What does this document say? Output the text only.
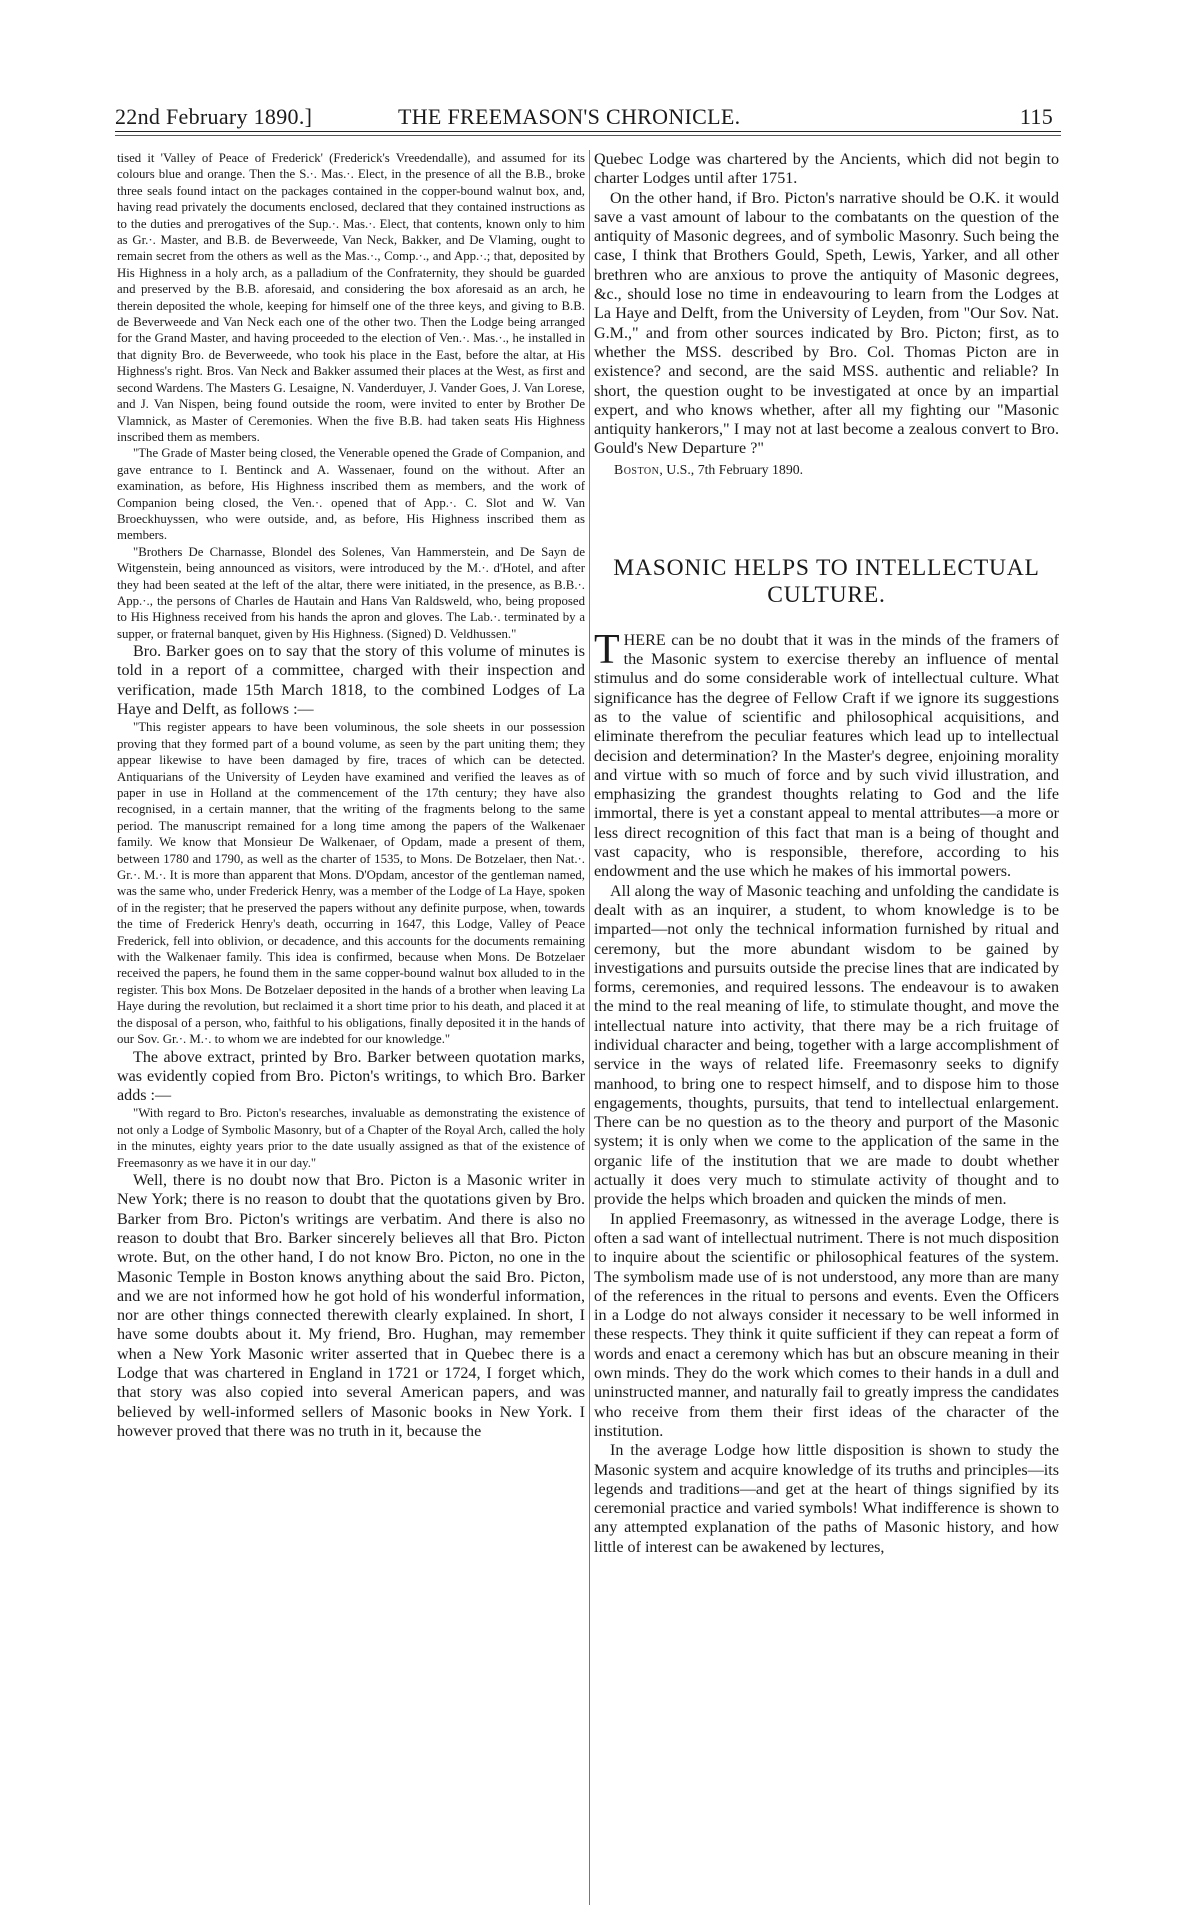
22nd February 1890.]	THE FREEMASON'S CHRONICLE.	115

tised it 'Valley of Peace of Frederick' (Frederick's Vreedendalle), and assumed for its colours blue and orange. Then the S.·. Mas.·. Elect, in the presence of all the B.B., broke three seals found intact on the packages contained in the copper-bound walnut box, and, having read privately the documents enclosed, declared that they contained instructions as to the duties and prerogatives of the Sup.·. Mas.·. Elect, that contents, known only to him as Gr.·. Master, and B.B. de Beverweede, Van Neck, Bakker, and De Vlaming, ought to remain secret from the others as well as the Mas.·., Comp.·., and App.·.; that, deposited by His Highness in a holy arch, as a palladium of the Confraternity, they should be guarded and preserved by the B.B. aforesaid, and considering the box aforesaid as an arch, he therein deposited the whole, keeping for himself one of the three keys, and giving to B.B. de Beverweede and Van Neck each one of the other two. Then the Lodge being arranged for the Grand Master, and having proceeded to the election of Ven.·. Mas.·., he installed in that dignity Bro. de Beverweede, who took his place in the East, before the altar, at His Highness's right. Bros. Van Neck and Bakker assumed their places at the West, as first and second Wardens. The Masters G. Lesaigne, N. Vanderduyer, J. Vander Goes, J. Van Lorese, and J. Van Nispen, being found outside the room, were invited to enter by Brother De Vlamnick, as Master of Ceremonies. When the five B.B. had taken seats His Highness inscribed them as members.

"The Grade of Master being closed, the Venerable opened the Grade of Companion, and gave entrance to I. Bentinck and A. Wassenaer, found on the without. After an examination, as before, His Highness inscribed them as members, and the work of Companion being closed, the Ven.·. opened that of App.·. C. Slot and W. Van Broeckhuyssen, who were outside, and, as before, His Highness inscribed them as members.

"Brothers De Charnasse, Blondel des Solenes, Van Hammerstein, and De Sayn de Witgenstein, being announced as visitors, were introduced by the M.·. d'Hotel, and after they had been seated at the left of the altar, there were initiated, in the presence, as B.B.·. App.·., the persons of Charles de Hautain and Hans Van Raldsweld, who, being proposed to His Highness received from his hands the apron and gloves. The Lab.·. terminated by a supper, or fraternal banquet, given by His Highness. (Signed) D. Veldhussen."

Bro. Barker goes on to say that the story of this volume of minutes is told in a report of a committee, charged with their inspection and verification, made 15th March 1818, to the combined Lodges of La Haye and Delft, as follows :—

"This register appears to have been voluminous, the sole sheets in our possession proving that they formed part of a bound volume, as seen by the part uniting them; they appear likewise to have been damaged by fire, traces of which can be detected. Antiquarians of the University of Leyden have examined and verified the leaves as of paper in use in Holland at the commencement of the 17th century; they have also recognised, in a certain manner, that the writing of the fragments belong to the same period. The manuscript remained for a long time among the papers of the Walkenaer family. We know that Monsieur De Walkenaer, of Opdam, made a present of them, between 1780 and 1790, as well as the charter of 1535, to Mons. De Botzelaer, then Nat.·. Gr.·. M.·. It is more than apparent that Mons. D'Opdam, ancestor of the gentleman named, was the same who, under Frederick Henry, was a member of the Lodge of La Haye, spoken of in the register; that he preserved the papers without any definite purpose, when, towards the time of Frederick Henry's death, occurring in 1647, this Lodge, Valley of Peace Frederick, fell into oblivion, or decadence, and this accounts for the documents remaining with the Walkenaer family. This idea is confirmed, because when Mons. De Botzelaer received the papers, he found them in the same copper-bound walnut box alluded to in the register. This box Mons. De Botzelaer deposited in the hands of a brother when leaving La Haye during the revolution, but reclaimed it a short time prior to his death, and placed it at the disposal of a person, who, faithful to his obligations, finally deposited it in the hands of our Sov. Gr.·. M.·. to whom we are indebted for our knowledge."

The above extract, printed by Bro. Barker between quotation marks, was evidently copied from Bro. Picton's writings, to which Bro. Barker adds :—

"With regard to Bro. Picton's researches, invaluable as demonstrating the existence of not only a Lodge of Symbolic Masonry, but of a Chapter of the Royal Arch, called the holy in the minutes, eighty years prior to the date usually assigned as that of the existence of Freemasonry as we have it in our day."

Well, there is no doubt now that Bro. Picton is a Masonic writer in New York; there is no reason to doubt that the quotations given by Bro. Barker from Bro. Picton's writings are verbatim. And there is also no reason to doubt that Bro. Barker sincerely believes all that Bro. Picton wrote. But, on the other hand, I do not know Bro. Picton, no one in the Masonic Temple in Boston knows anything about the said Bro. Picton, and we are not informed how he got hold of his wonderful information, nor are other things connected therewith clearly explained. In short, I have some doubts about it. My friend, Bro. Hughan, may remember when a New York Masonic writer asserted that in Quebec there is a Lodge that was chartered in England in 1721 or 1724, I forget which, that story was also copied into several American papers, and was believed by well-informed sellers of Masonic books in New York. I however proved that there was no truth in it, because the

Quebec Lodge was chartered by the Ancients, which did not begin to charter Lodges until after 1751.

On the other hand, if Bro. Picton's narrative should be O.K. it would save a vast amount of labour to the combatants on the question of the antiquity of Masonic degrees, and of symbolic Masonry. Such being the case, I think that Brothers Gould, Speth, Lewis, Yarker, and all other brethren who are anxious to prove the antiquity of Masonic degrees, &c., should lose no time in endeavouring to learn from the Lodges at La Haye and Delft, from the University of Leyden, from "Our Sov. Nat. G.M.," and from other sources indicated by Bro. Picton; first, as to whether the MSS. described by Bro. Col. Thomas Picton are in existence? and second, are the said MSS. authentic and reliable? In short, the question ought to be investigated at once by an impartial expert, and who knows whether, after all my fighting our "Masonic antiquity hankerors," I may not at last become a zealous convert to Bro. Gould's New Departure ?"

Boston, U.S., 7th February 1890.

MASONIC HELPS TO INTELLECTUAL CULTURE.

THERE can be no doubt that it was in the minds of the framers of the Masonic system to exercise thereby an influence of mental stimulus and do some considerable work of intellectual culture. What significance has the degree of Fellow Craft if we ignore its suggestions as to the value of scientific and philosophical acquisitions, and eliminate therefrom the peculiar features which lead up to intellectual decision and determination? In the Master's degree, enjoining morality and virtue with so much of force and by such vivid illustration, and emphasizing the grandest thoughts relating to God and the life immortal, there is yet a constant appeal to mental attributes—a more or less direct recognition of this fact that man is a being of thought and vast capacity, who is responsible, therefore, according to his endowment and the use which he makes of his immortal powers.

All along the way of Masonic teaching and unfolding the candidate is dealt with as an inquirer, a student, to whom knowledge is to be imparted—not only the technical information furnished by ritual and ceremony, but the more abundant wisdom to be gained by investigations and pursuits outside the precise lines that are indicated by forms, ceremonies, and required lessons. The endeavour is to awaken the mind to the real meaning of life, to stimulate thought, and move the intellectual nature into activity, that there may be a rich fruitage of individual character and being, together with a large accomplishment of service in the ways of related life. Freemasonry seeks to dignify manhood, to bring one to respect himself, and to dispose him to those engagements, thoughts, pursuits, that tend to intellectual enlargement. There can be no question as to the theory and purport of the Masonic system; it is only when we come to the application of the same in the organic life of the institution that we are made to doubt whether actually it does very much to stimulate activity of thought and to provide the helps which broaden and quicken the minds of men.

In applied Freemasonry, as witnessed in the average Lodge, there is often a sad want of intellectual nutriment. There is not much disposition to inquire about the scientific or philosophical features of the system. The symbolism made use of is not understood, any more than are many of the references in the ritual to persons and events. Even the Officers in a Lodge do not always consider it necessary to be well informed in these respects. They think it quite sufficient if they can repeat a form of words and enact a ceremony which has but an obscure meaning in their own minds. They do the work which comes to their hands in a dull and uninstructed manner, and naturally fail to greatly impress the candidates who receive from them their first ideas of the character of the institution.

In the average Lodge how little disposition is shown to study the Masonic system and acquire knowledge of its truths and principles—its legends and traditions—and get at the heart of things signified by its ceremonial practice and varied symbols! What indifference is shown to any attempted explanation of the paths of Masonic history, and how little of interest can be awakened by lectures,
